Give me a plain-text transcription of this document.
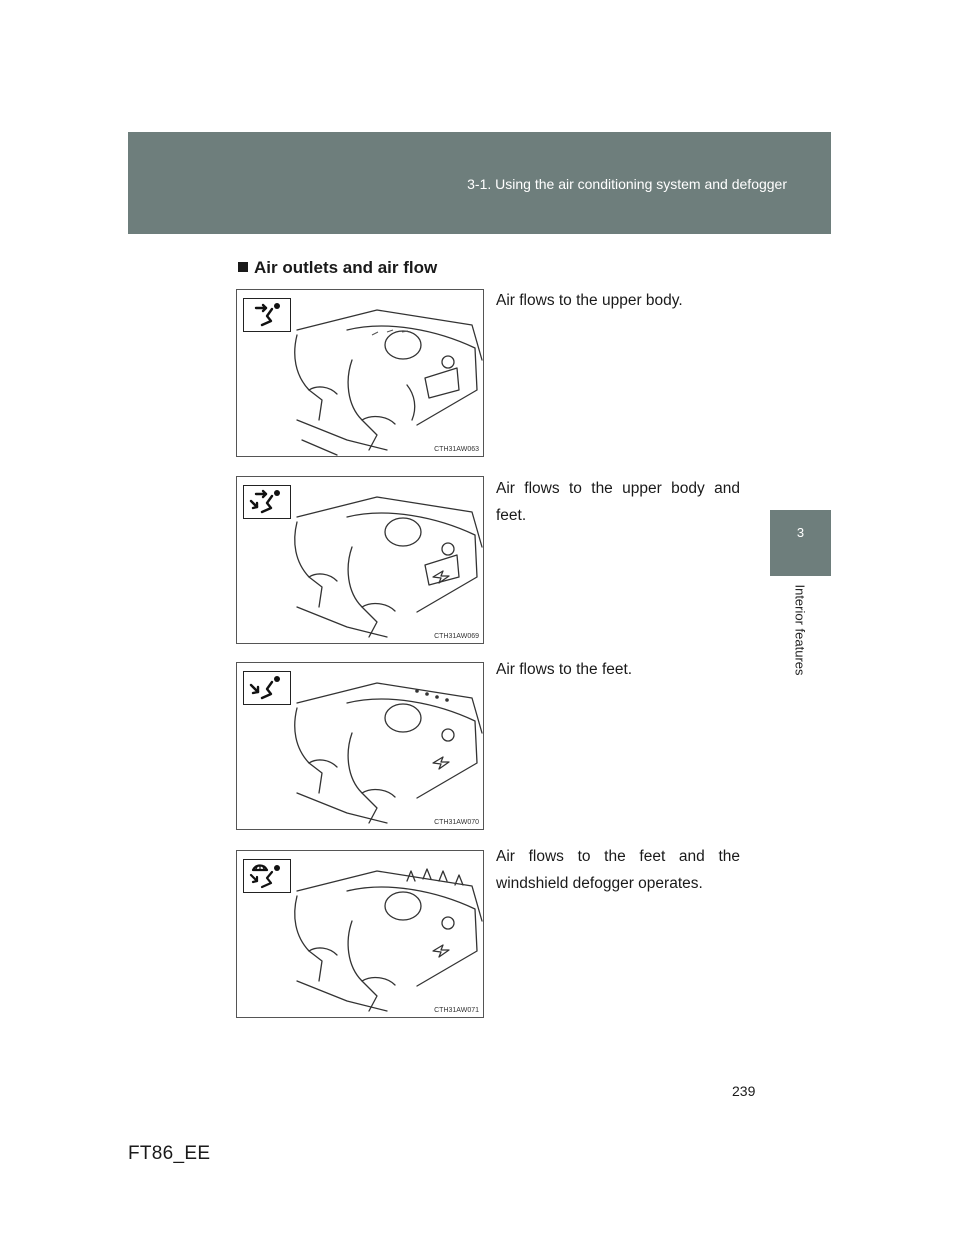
3-1. Using the air conditioning system and defogger
3
Interior features
Air outlets and air flow
CTH31AW063
Air flows to the upper body.
CTH31AW069
Air flows to the upper body and feet.
CTH31AW070
Air flows to the feet.
CTH31AW071
Air flows to the feet and the windshield defogger operates.
239
FT86_EE
